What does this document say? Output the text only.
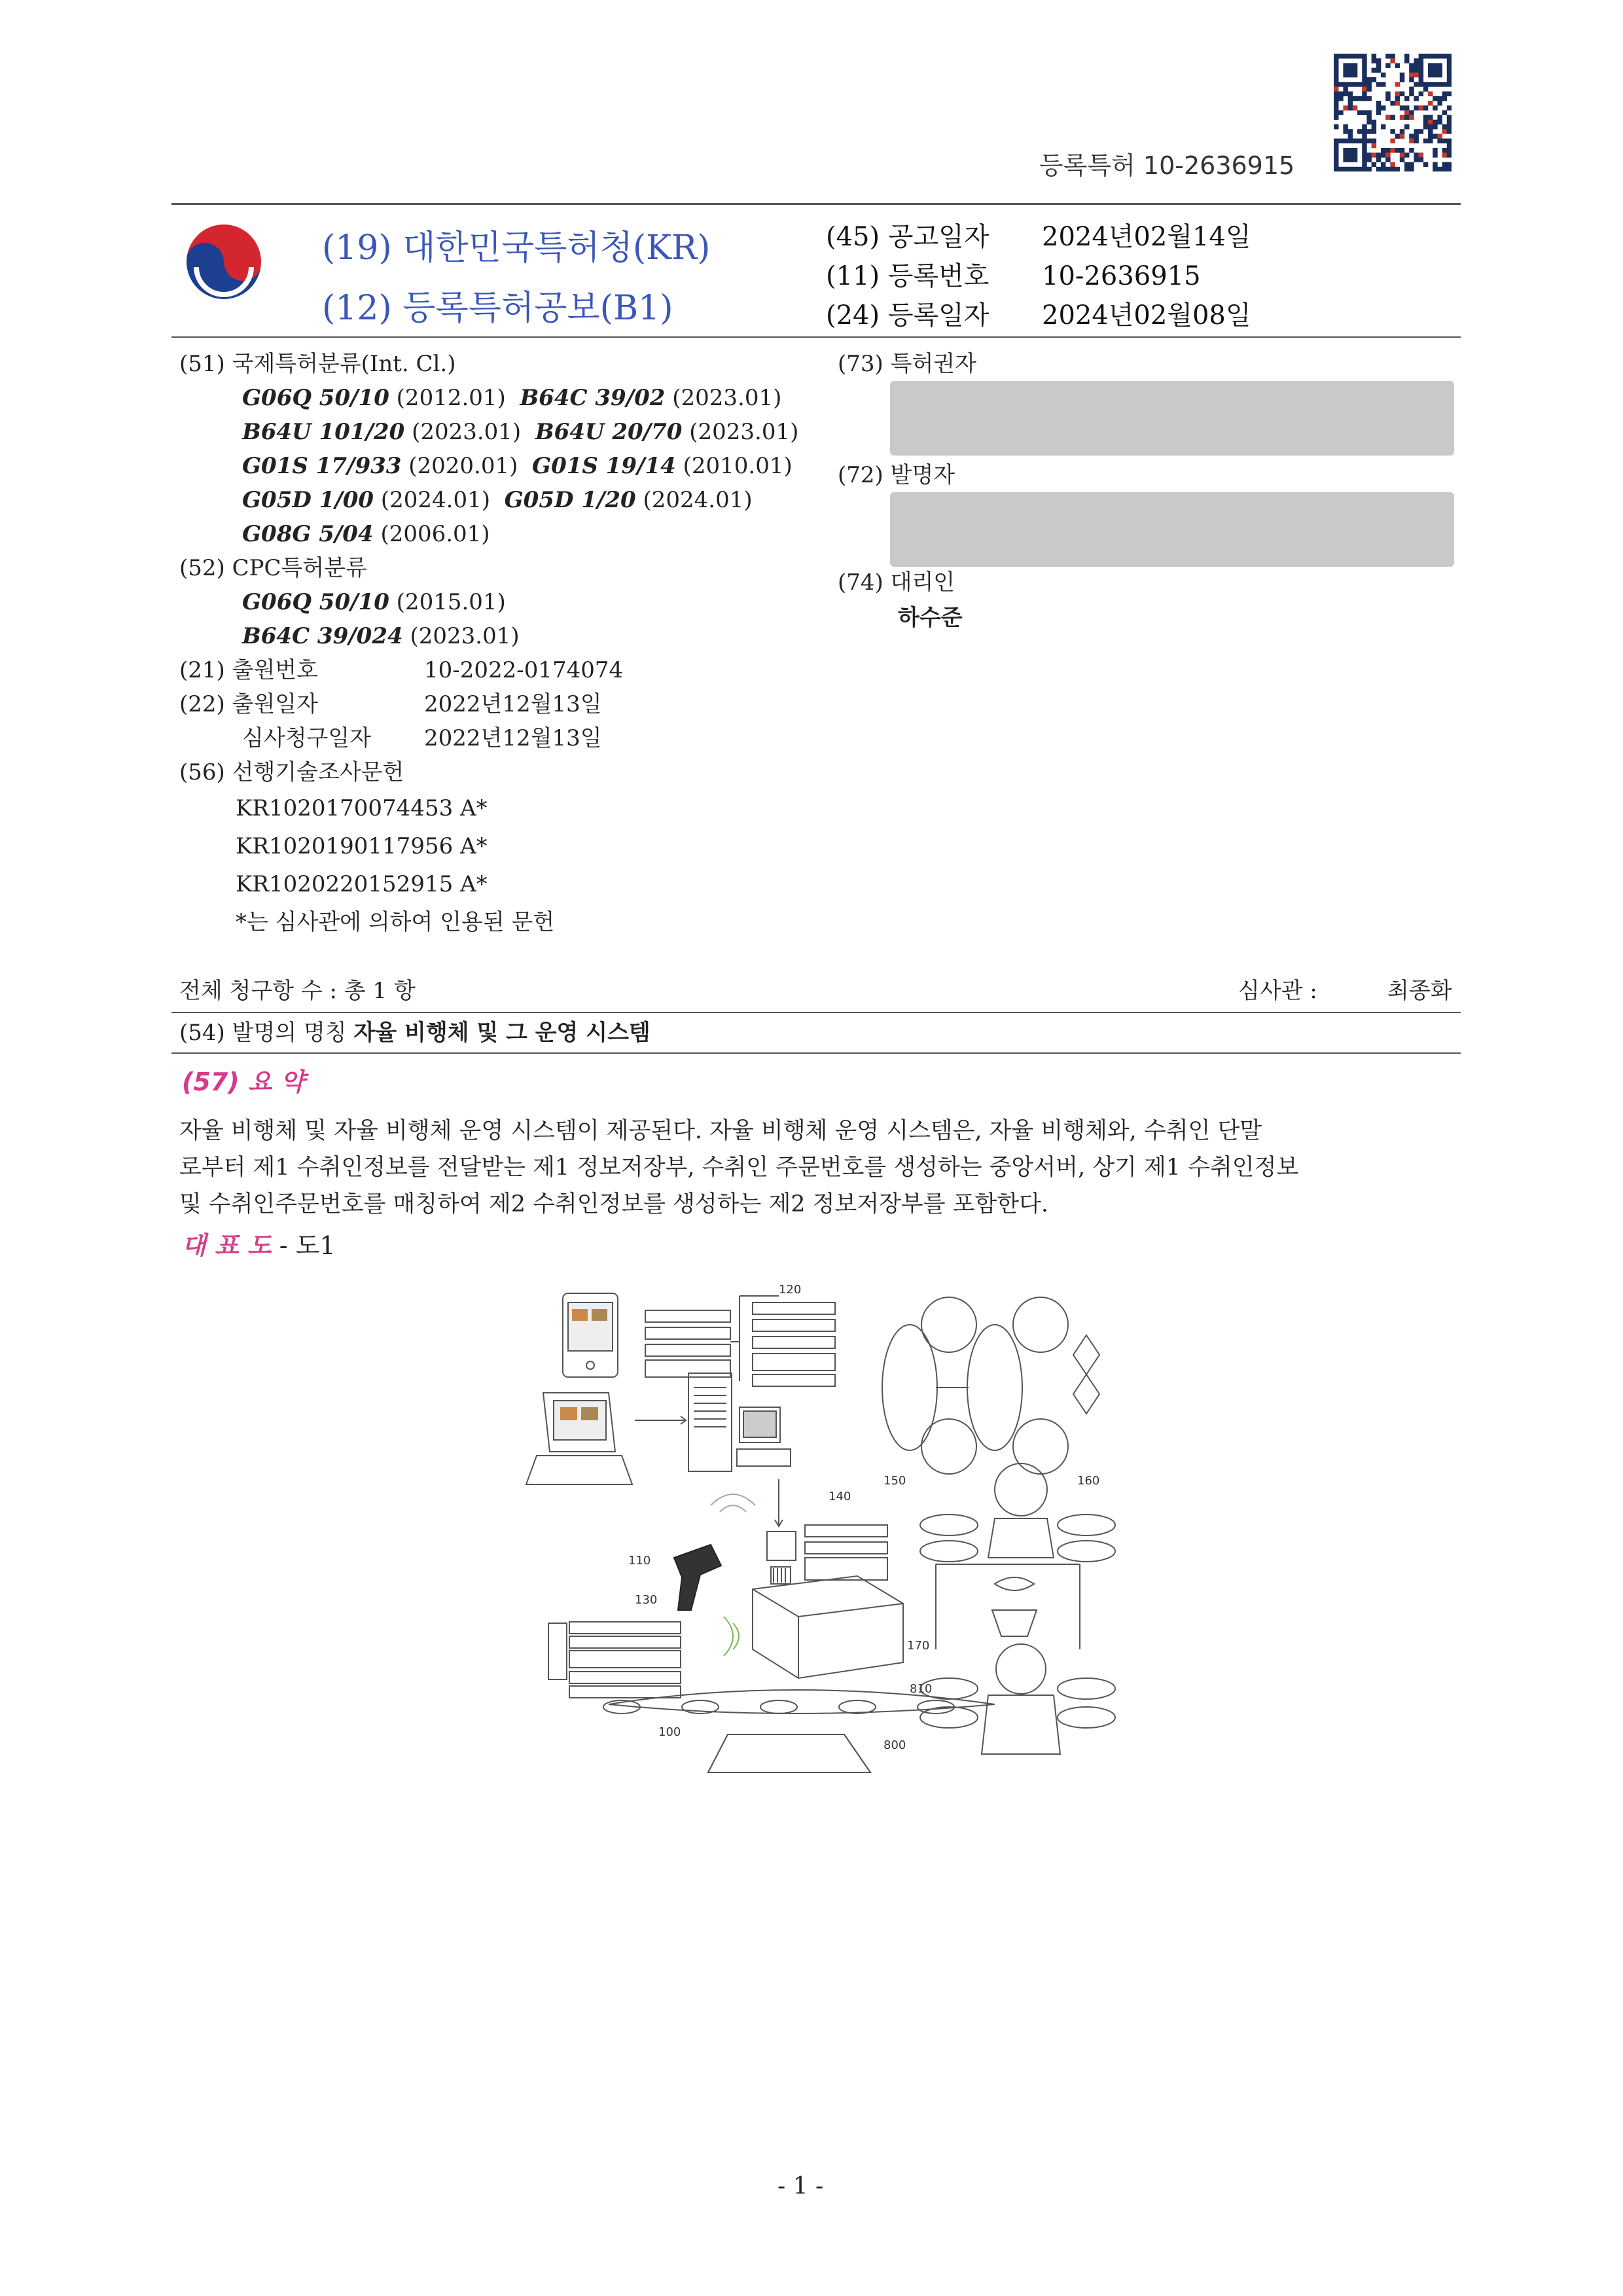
등록특허 10-2636915
(19) 대한민국특허청(KR)
(12) 등록특허공보(B1)
(45) 공고일자 2024년02월14일
(11) 등록번호 10-2636915
(24) 등록일자 2024년02월08일
(51) 국제특허분류(Int. Cl.)
G06Q 50/10 (2012.01) B64C 39/02 (2023.01)
B64U 101/20 (2023.01) B64U 20/70 (2023.01)
G01S 17/933 (2020.01) G01S 19/14 (2010.01)
G05D 1/00 (2024.01) G05D 1/20 (2024.01)
G08G 5/04 (2006.01)
(52) CPC특허분류
G06Q 50/10 (2015.01)
B64C 39/024 (2023.01)
(21) 출원번호	10-2022-0174074
(22) 출원일자	2022년12월13일
심사청구일자 2022년12월13일
(56) 선행기술조사문헌
KR1020170074453 A*
KR1020190117956 A*
KR1020220152915 A*
*는 심사관에 의하여 인용된 문헌
(73) 특허권자
(72) 발명자
(74) 대리인
하수준
전체 청구항 수 : 총 1 항	심사관 :	최종화
(54) 발명의 명칭 자율 비행체 및 그 운영 시스템
(57) 요 약
자율 비행체 및 자율 비행체 운영 시스템이 제공된다. 자율 비행체 운영 시스템은, 자율 비행체와, 수취인 단말
로부터 제1 수취인정보를 전달받는 제1 정보저장부, 수취인 주문번호를 생성하는 중앙서버, 상기 제1 수취인정보
및 수취인주문번호를 매칭하여 제2 수취인정보를 생성하는 제2 정보저장부를 포함한다.
대 표 도 - 도1
120
140
110
130
150	160
170
810
100
800
- 1 -
